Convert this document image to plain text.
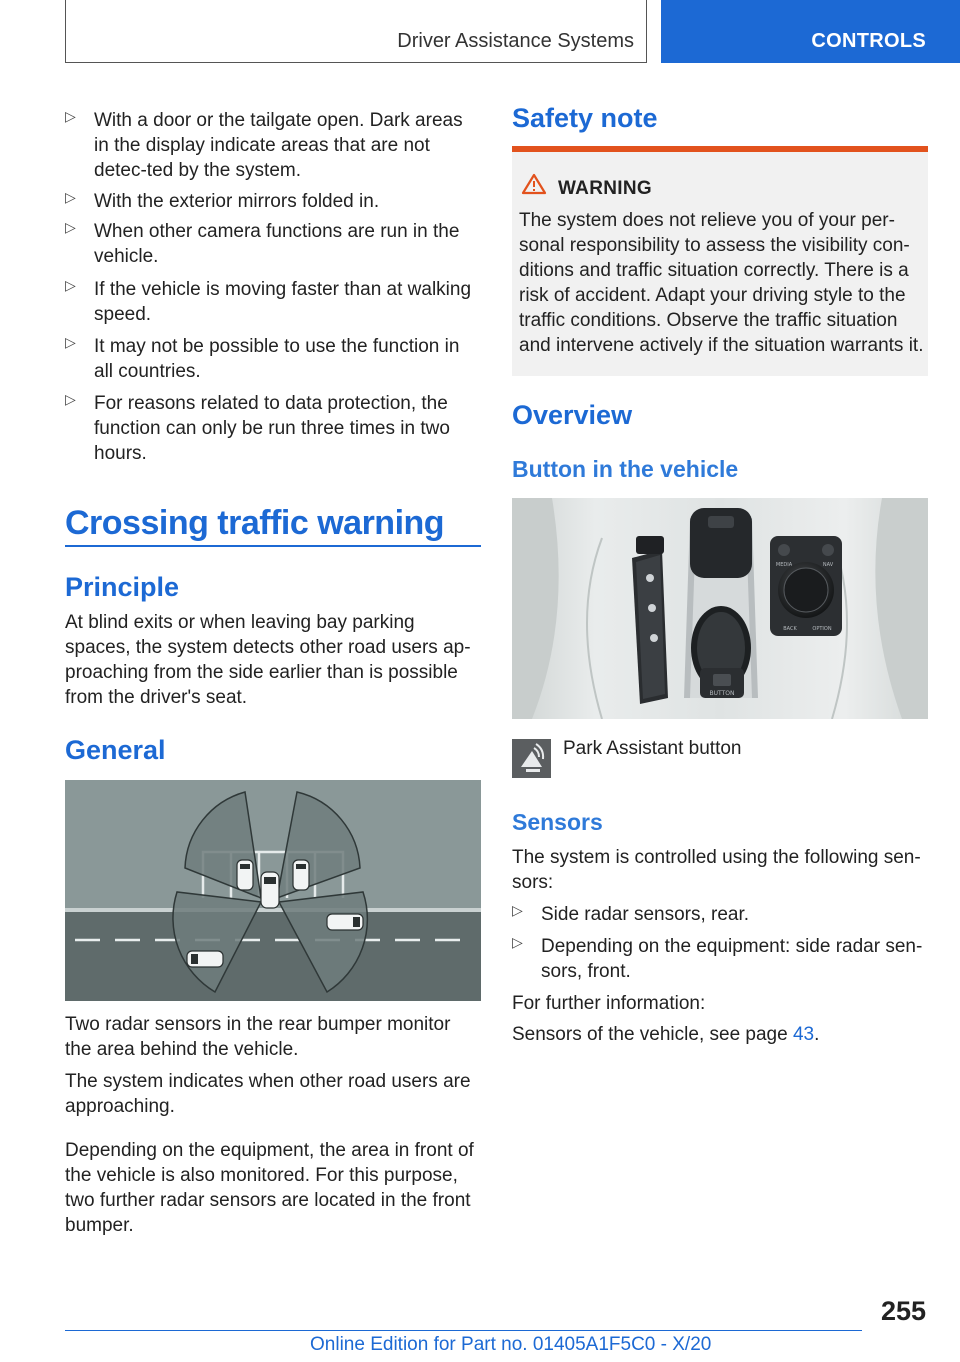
Driver Assistance Systems	CONTROLS
▷ With a door or the tailgate open. Dark areas in the display indicate areas that are not detec‐ted by the system.
▷ With the exterior mirrors folded in.
▷ When other camera functions are run in the vehicle.
▷ If the vehicle is moving faster than at walking speed.
▷ It may not be possible to use the function in all countries.
▷ For reasons related to data protection, the function can only be run three times in two hours.
Crossing traffic warning
Principle
At blind exits or when leaving bay parking spaces, the system detects other road users ap‐proaching from the side earlier than is possible from the driver's seat.
General
Two radar sensors in the rear bumper monitor the area behind the vehicle.
The system indicates when other road users are approaching.
Depending on the equipment, the area in front of the vehicle is also monitored. For this purpose, two further radar sensors are located in the front bumper.
Safety note
WARNING
The system does not relieve you of your per‐sonal responsibility to assess the visibility con‐ditions and traffic situation correctly. There is a risk of accident. Adapt your driving style to the traffic conditions. Observe the traffic situation and intervene actively if the situation warrants it.
Overview
Button in the vehicle
BUTTON
MEDIA	NAV
BACK	OPTION
Park Assistant button
Sensors
The system is controlled using the following sen‐sors:
▷ Side radar sensors, rear.
▷ Depending on the equipment: side radar sen‐sors, front.
For further information:
Sensors of the vehicle, see page 43.
255
Online Edition for Part no. 01405A1F5C0 - X/20
